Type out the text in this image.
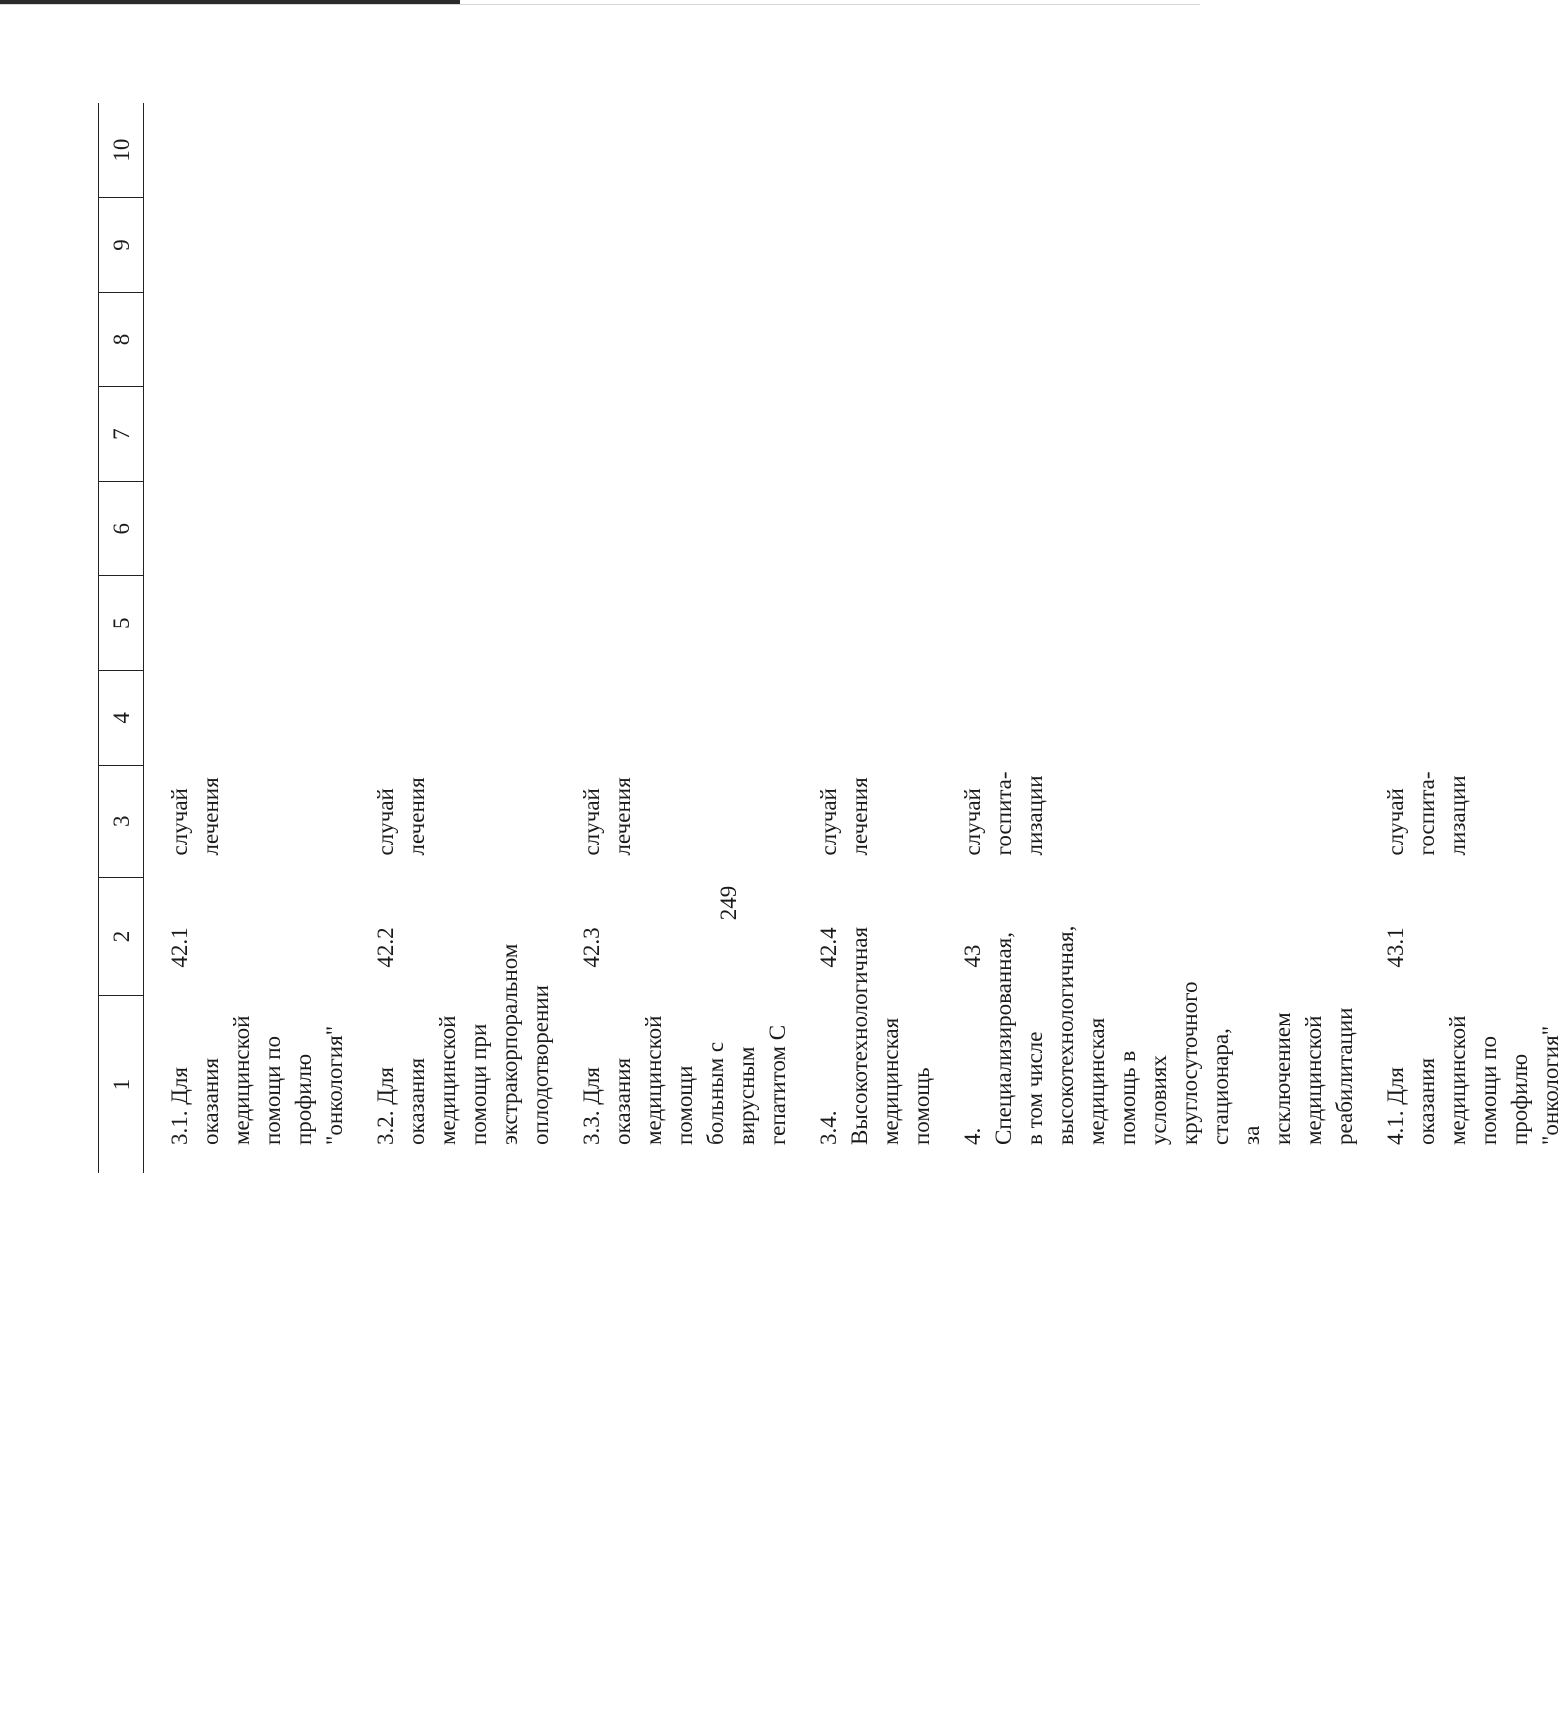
249
1	2	3	4	5	6	7	8	9	10
3.1. Для оказания медицинской помощи по профилю "онкология"	42.1	случай лечения							
3.2. Для оказания медицинской помощи при экстракорпоральном оплодотворении	42.2	случай лечения							
3.3. Для оказания медицинской помощи больным с вирусным гепатитом С	42.3	случай лечения							
3.4. Высокотехнологичная медицинская помощь	42.4	случай лечения							
4. Специализированная, в том числе высокотехнологичная, медицинская помощь в условиях круглосуточного стационара, за исключением медицинской реабилитации	43	случай госпита-лизации							
4.1. Для оказания медицинской помощи по профилю "онкология"	43.1	случай госпита-лизации							
